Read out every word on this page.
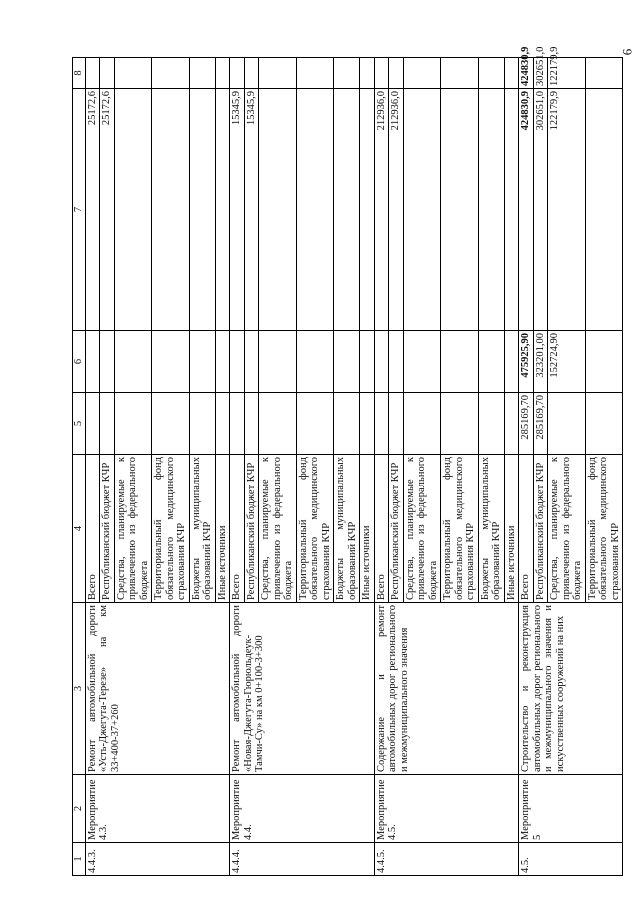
6
1	2	3	4	5	6	7	8
4.4.3.	Мероприятие 4.3.	Ремонт автомобильной дороги «Усть-Джегута-Терезе» на км 33+400-37+260	Всего			25172,6	
			Республиканский бюджет КЧР			25172,6	
			Средства, планируемые к привлечению из федерального бюджета				
			Территориальный фонд обязательного медицинского страхования КЧР				
			Бюджеты муниципальных образований КЧР				
			Иные источники				
4.4.4.	Мероприятие 4.4.	Ремонт автомобильной дороги «Новая-Джегута-Гюрюльдеук-Тамчи-Су» на км 0+100-3+300	Всего			15345,9	
			Республиканский бюджет КЧР			15345,9	
			Средства, планируемые к привлечению из федерального бюджета				
			Территориальный фонд обязательного медицинского страхования КЧР				
			Бюджеты муниципальных образований КЧР				
			Иные источники				
4.4.5.	Мероприятие 4.5.	Содержание и ремонт автомобильных дорог регионального и межмуниципального значения	Всего			212936,0	
			Республиканский бюджет КЧР			212936,0	
			Средства, планируемые к привлечению из федерального бюджета				
			Территориальный фонд обязательного медицинского страхования КЧР				
			Бюджеты муниципальных образований КЧР				
			Иные источники				
4.5.	Мероприятие 5	Строительство и реконструкция автомобильных дорог регионального и межмуниципального значения и искусственных сооружений на них	Всего	285169,70	475925,90	424830,9	424830,9
			Республиканский бюджет КЧР	285169,70	323201,00	302651,0	302651,0
			Средства, планируемые к привлечению из федерального бюджета		152724,90	122179,9	122179,9
			Территориальный фонд обязательного медицинского страхования КЧР				
